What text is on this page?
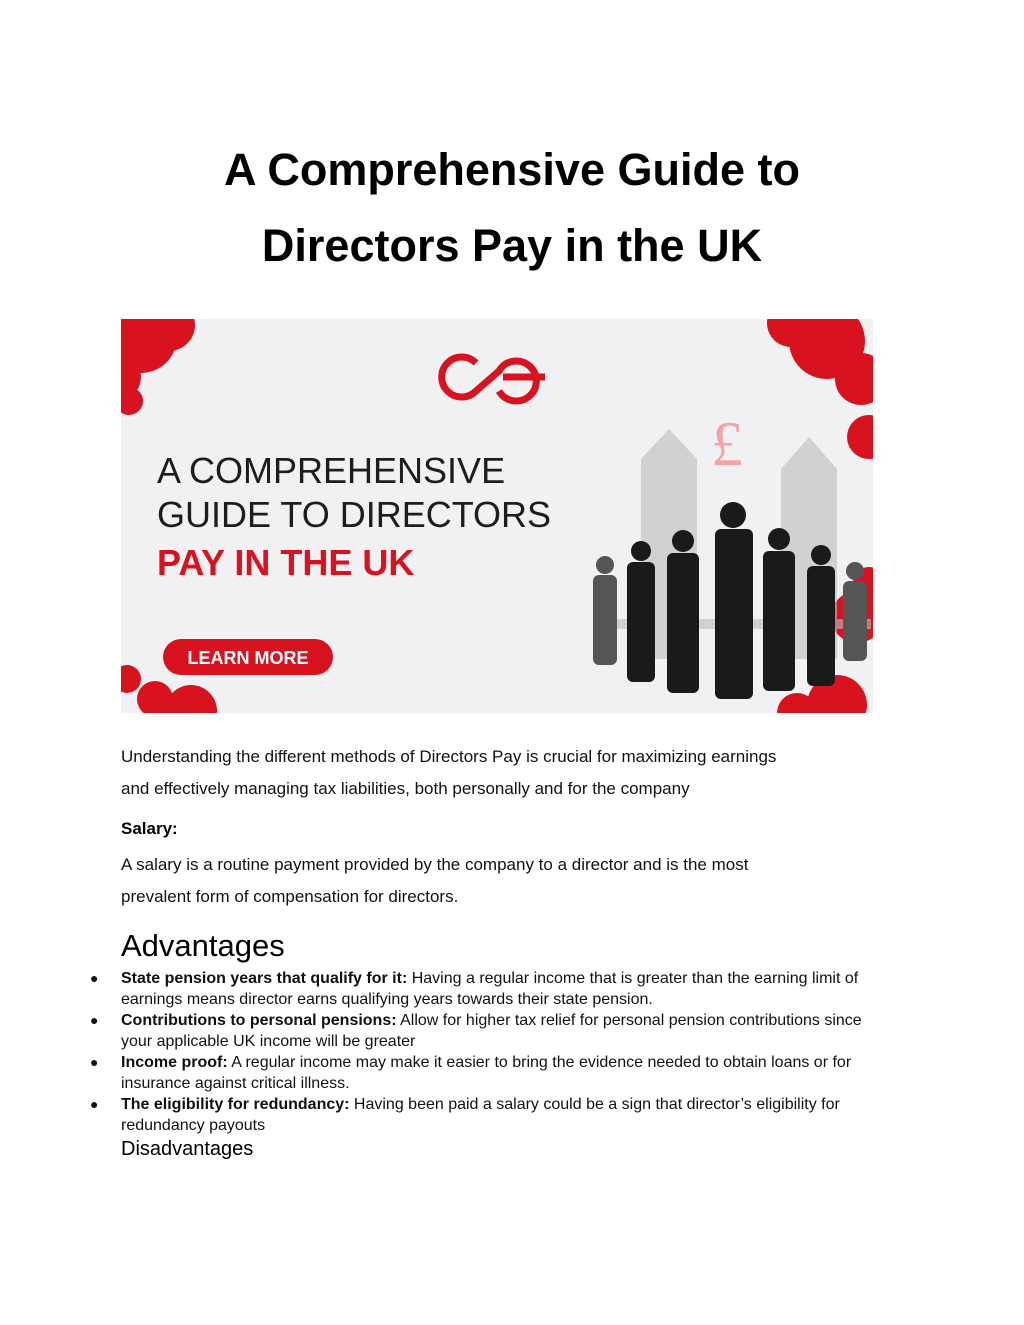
A Comprehensive Guide to
Directors Pay in the UK
£
A COMPREHENSIVE
GUIDE TO DIRECTORS
PAY IN THE UK
LEARN MORE

Understanding the different methods of Directors Pay is crucial for maximizing earnings
and effectively managing tax liabilities, both personally and for the company

Salary:

A salary is a routine payment provided by the company to a director and is the most
prevalent form of compensation for directors.

Advantages
● State pension years that qualify for it: Having a regular income that is greater than the earning limit of earnings means director earns qualifying years towards their state pension.
● Contributions to personal pensions: Allow for higher tax relief for personal pension contributions since your applicable UK income will be greater
● Income proof: A regular income may make it easier to bring the evidence needed to obtain loans or for insurance against critical illness.
● The eligibility for redundancy: Having been paid a salary could be a sign that director’s eligibility for redundancy payouts
Disadvantages
